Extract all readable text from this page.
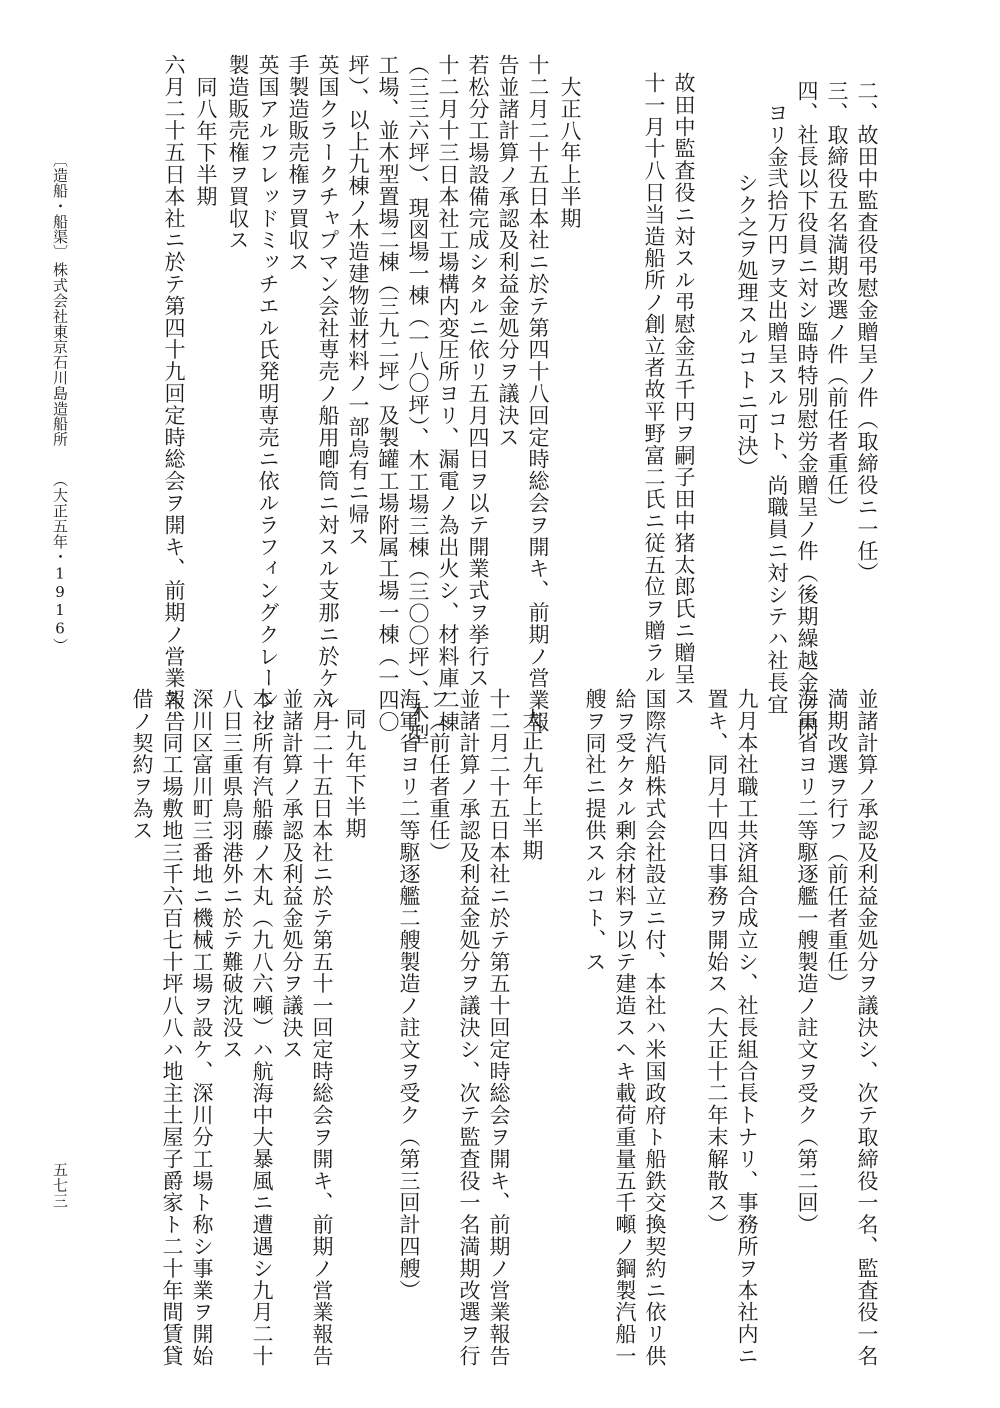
二、故田中監査役弔慰金贈呈ノ件（取締役ニ一任）
三、取締役五名満期改選ノ件（前任者重任）
四、社長以下役員ニ対シ臨時特別慰労金贈呈ノ件（後期繰越金ノ内
ヨリ金弐拾万円ヲ支出贈呈スルコト、尚職員ニ対シテハ社長宜
シク之ヲ処理スルコトニ可決）
故田中監査役ニ対スル弔慰金五千円ヲ嗣子田中猪太郎氏ニ贈呈ス
十一月十八日当造船所ノ創立者故平野富二氏ニ従五位ヲ贈ラル
大正八年上半期
十二月二十五日本社ニ於テ第四十八回定時総会ヲ開キ、前期ノ営業報
告並諸計算ノ承認及利益金処分ヲ議決ス
若松分工場設備完成シタルニ依リ五月四日ヲ以テ開業式ヲ挙行ス
十二月十三日本社工場構内変圧所ヨリ、漏電ノ為出火シ、材料庫二棟
（三三六坪）、現図場一棟（一八〇坪）、木工場三棟（三〇〇坪）、木型
工場、並木型置場二棟（三九二坪）及製罐工場附属工場一棟（一四〇
坪）、以上九棟ノ木造建物並材料ノ一部烏有ニ帰ス
英国クラークチャプマン会社専売ノ船用喞筒ニ対スル支那ニ於ケル一
手製造販売権ヲ買収ス
英国アルフレッドミッチエル氏発明専売ニ依ルラフィングクレーンノ
製造販売権ヲ買収ス
同八年下半期
六月二十五日本社ニ於テ第四十九回定時総会ヲ開キ、前期ノ営業報告
並諸計算ノ承認及利益金処分ヲ議決シ、次テ取締役一名、監査役一名
満期改選ヲ行フ（前任者重任）
海軍省ヨリ二等駆逐艦一艘製造ノ註文ヲ受ク（第二回）
九月本社職工共済組合成立シ、社長組合長トナリ、事務所ヲ本社内ニ
置キ、同月十四日事務ヲ開始ス（大正十二年末解散ス）
国際汽船株式会社設立ニ付、本社ハ米国政府ト船鉄交換契約ニ依リ供
給ヲ受ケタル剰余材料ヲ以テ建造スヘキ載荷重量五千噸ノ鋼製汽船一
艘ヲ同社ニ提供スルコト、ス
大正九年上半期
十二月二十五日本社ニ於テ第五十回定時総会ヲ開キ、前期ノ営業報告
並諸計算ノ承認及利益金処分ヲ議決シ、次テ監査役一名満期改選ヲ行
フ（前任者重任）
海軍省ヨリ二等駆逐艦二艘製造ノ註文ヲ受ク（第三回計四艘）
同九年下半期
六月二十五日本社ニ於テ第五十一回定時総会ヲ開キ、前期ノ営業報告
並諸計算ノ承認及利益金処分ヲ議決ス
本社所有汽船藤ノ木丸（九八六噸）ハ航海中大暴風ニ遭遇シ九月二十
八日三重県鳥羽港外ニ於テ難破沈没ス
深川区富川町三番地ニ機械工場ヲ設ケ、深川分工場ト称シ事業ヲ開始
ス、同工場敷地三千六百七十坪八八ハ地主土屋子爵家ト二十年間賃貸
借ノ契約ヲ為ス
〔造船・船渠〕
株式会社東京石川島造船所
（大正五年・1916）
五七三
